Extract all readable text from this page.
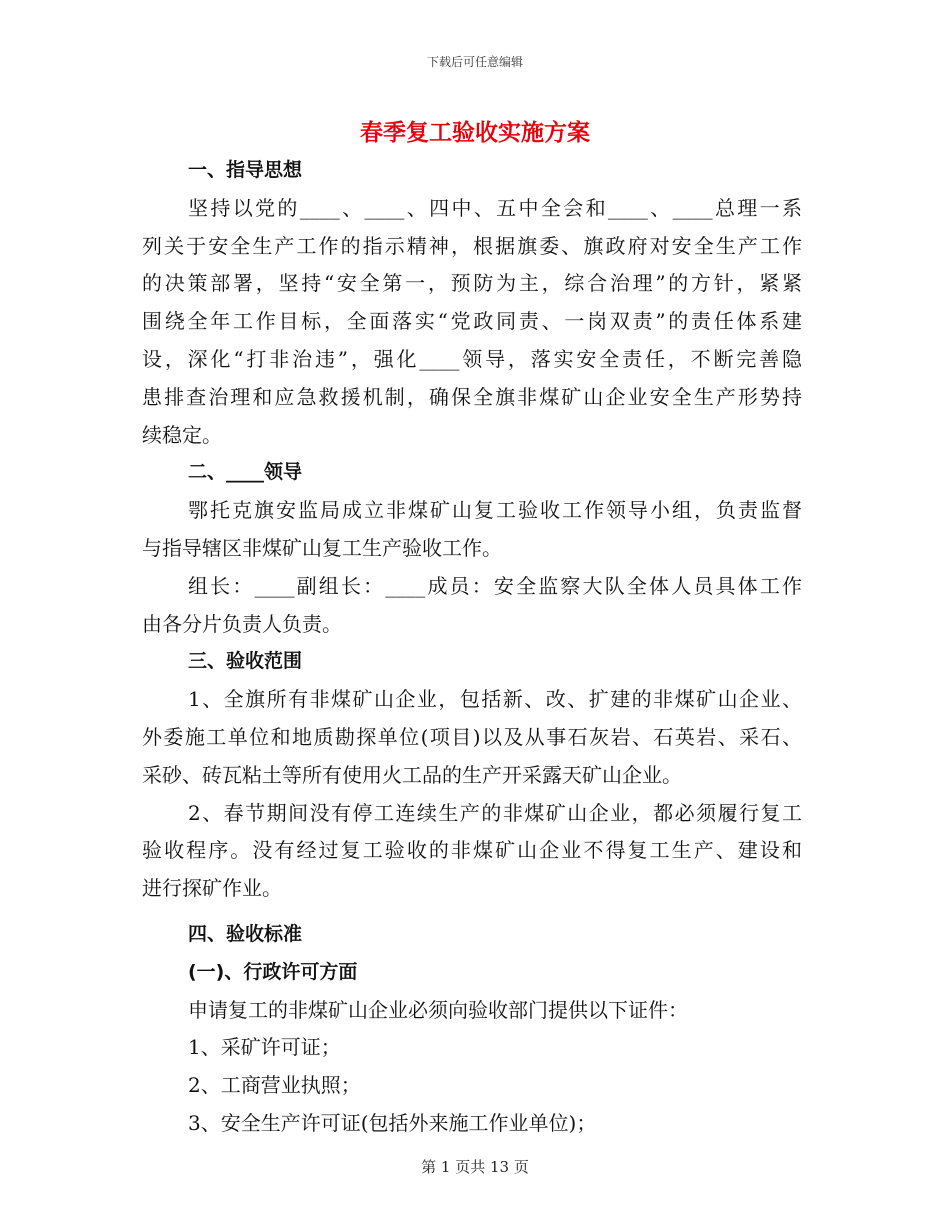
下载后可任意编辑
春季复工验收实施方案
一、指导思想
坚持以党的____、____、四中、五中全会和____、____总理一系
列关于安全生产工作的指示精神，根据旗委、旗政府对安全生产工作
的决策部署，坚持“安全第一，预防为主，综合治理”的方针，紧紧
围绕全年工作目标，全面落实“党政同责、一岗双责”的责任体系建
设，深化“打非治违”，强化____领导，落实安全责任，不断完善隐
患排查治理和应急救援机制，确保全旗非煤矿山企业安全生产形势持
续稳定。
二、____领导
鄂托克旗安监局成立非煤矿山复工验收工作领导小组，负责监督
与指导辖区非煤矿山复工生产验收工作。
组长：____副组长：____成员：安全监察大队全体人员具体工作
由各分片负责人负责。
三、验收范围
1、全旗所有非煤矿山企业，包括新、改、扩建的非煤矿山企业、
外委施工单位和地质勘探单位(项目)以及从事石灰岩、石英岩、采石、
采砂、砖瓦粘土等所有使用火工品的生产开采露天矿山企业。
2、春节期间没有停工连续生产的非煤矿山企业，都必须履行复工
验收程序。没有经过复工验收的非煤矿山企业不得复工生产、建设和
进行探矿作业。
四、验收标准
(一)、行政许可方面
申请复工的非煤矿山企业必须向验收部门提供以下证件：
1、采矿许可证；
2、工商营业执照；
3、安全生产许可证(包括外来施工作业单位)；
第 1 页共 13 页
